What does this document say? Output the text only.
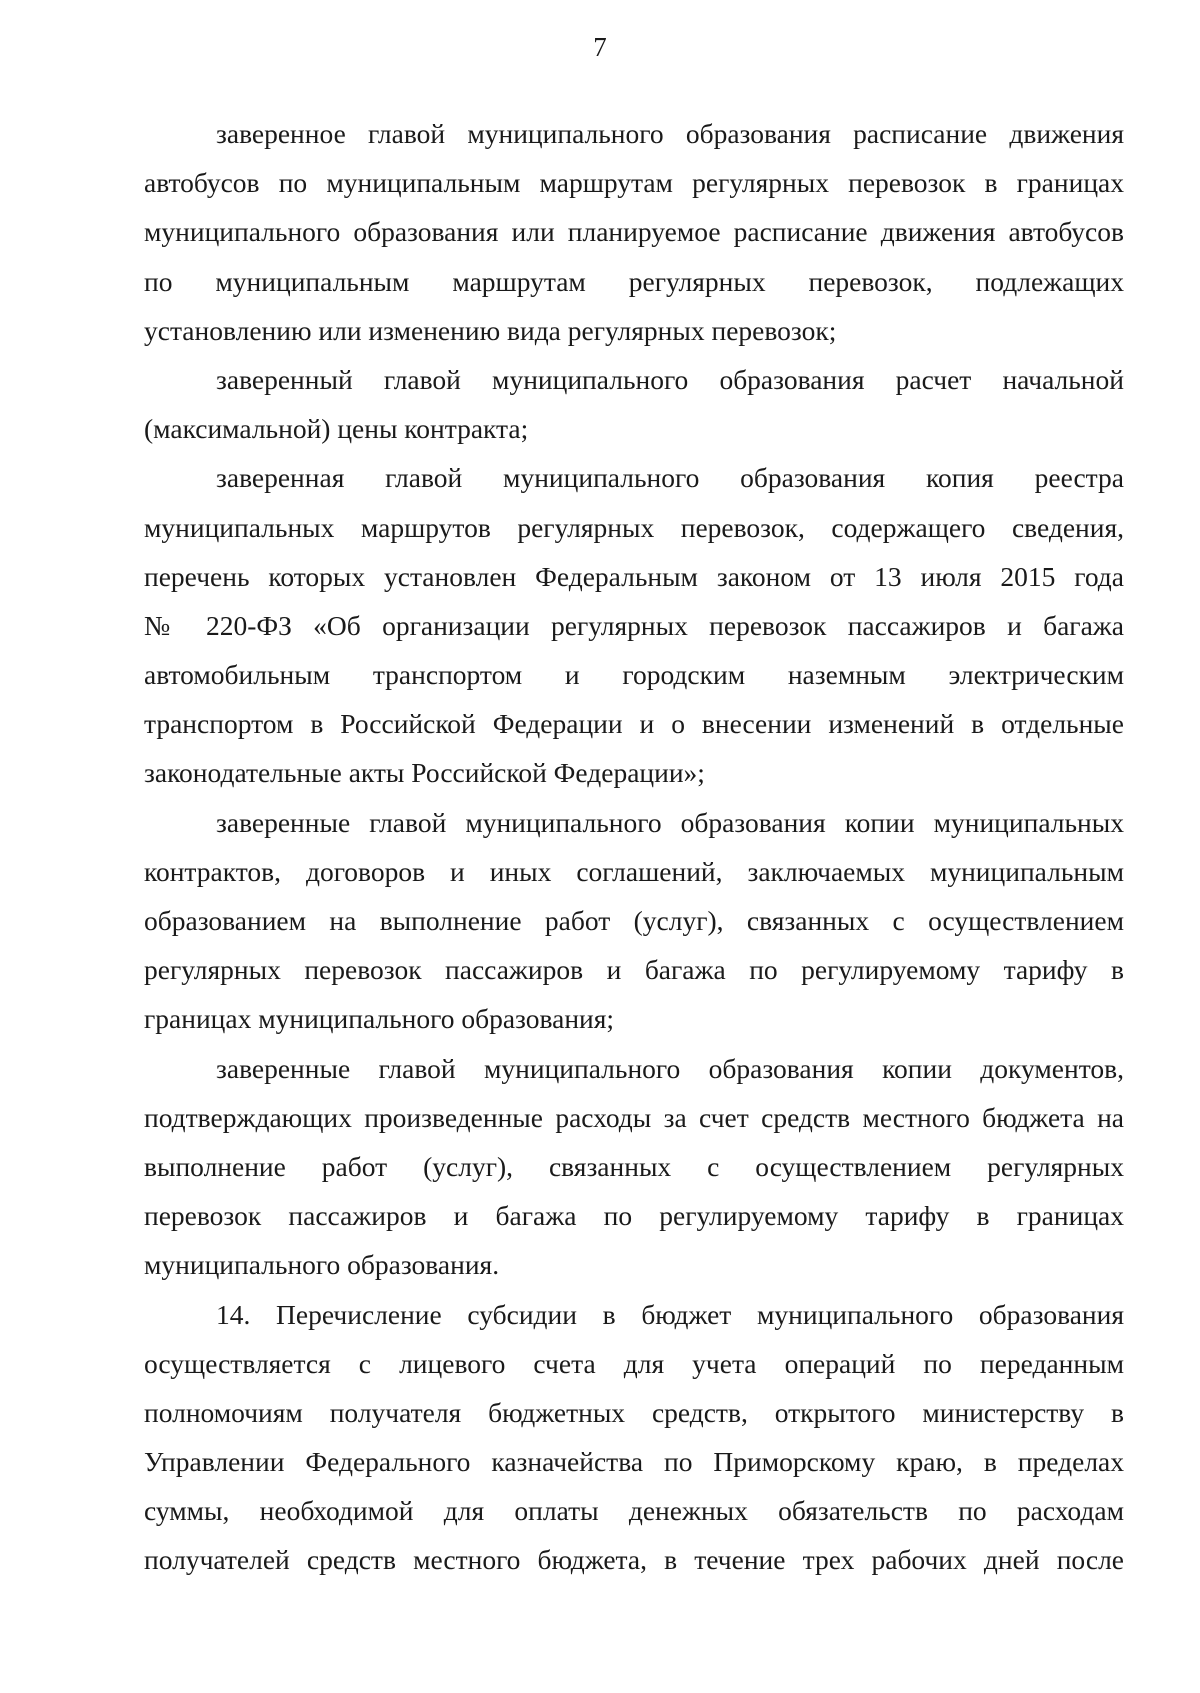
7
заверенное главой муниципального образования расписание движения
автобусов по муниципальным маршрутам регулярных перевозок в границах
муниципального образования или планируемое расписание движения автобусов
по муниципальным маршрутам регулярных перевозок, подлежащих
установлению или изменению вида регулярных перевозок;
заверенный главой муниципального образования расчет начальной
(максимальной) цены контракта;
заверенная главой муниципального образования копия реестра
муниципальных маршрутов регулярных перевозок, содержащего сведения,
перечень которых установлен Федеральным законом от 13 июля 2015 года
№ 220-ФЗ «Об организации регулярных перевозок пассажиров и багажа
автомобильным транспортом и городским наземным электрическим
транспортом в Российской Федерации и о внесении изменений в отдельные
законодательные акты Российской Федерации»;
заверенные главой муниципального образования копии муниципальных
контрактов, договоров и иных соглашений, заключаемых муниципальным
образованием на выполнение работ (услуг), связанных с осуществлением
регулярных перевозок пассажиров и багажа по регулируемому тарифу в
границах муниципального образования;
заверенные главой муниципального образования копии документов,
подтверждающих произведенные расходы за счет средств местного бюджета на
выполнение работ (услуг), связанных с осуществлением регулярных
перевозок пассажиров и багажа по регулируемому тарифу в границах
муниципального образования.
14. Перечисление субсидии в бюджет муниципального образования
осуществляется с лицевого счета для учета операций по переданным
полномочиям получателя бюджетных средств, открытого министерству в
Управлении Федерального казначейства по Приморскому краю, в пределах
суммы, необходимой для оплаты денежных обязательств по расходам
получателей средств местного бюджета, в течение трех рабочих дней после
